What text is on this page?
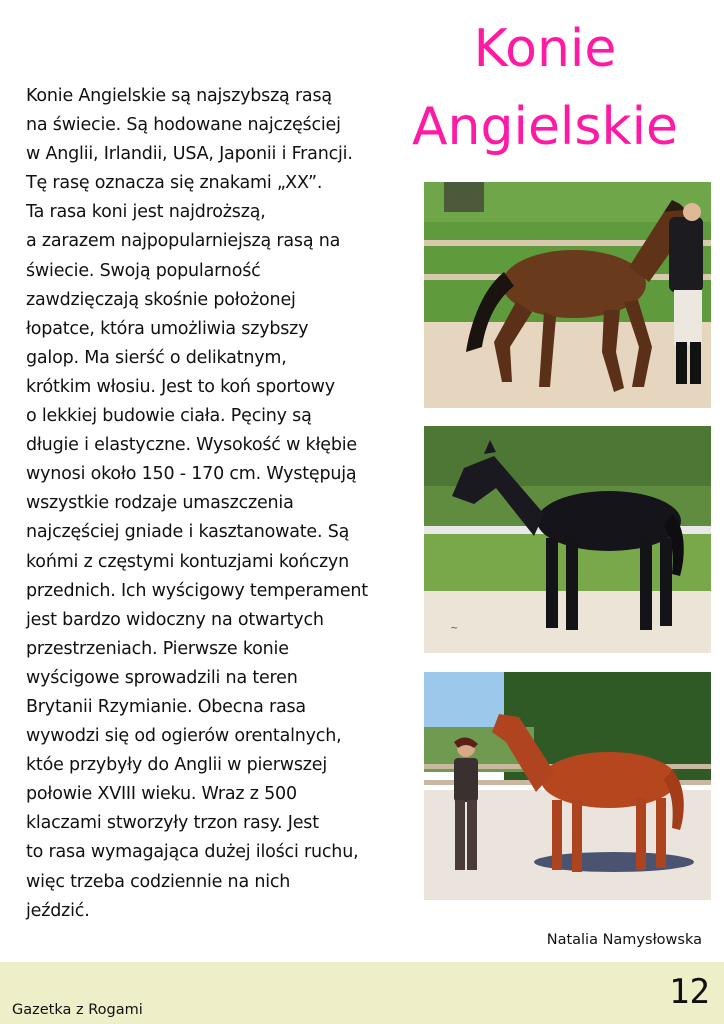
Konie
Angielskie
Konie Angielskie są najszybszą rasą
na świecie. Są hodowane najczęściej
w Anglii, Irlandii, USA, Japonii i Francji.
Tę rasę oznacza się znakami „XX”.
Ta rasa koni jest najdroższą,
a zarazem najpopularniejszą rasą na
świecie. Swoją popularność
zawdzięczają skośnie położonej
łopatce, która umożliwia szybszy
galop. Ma sierść o delikatnym,
krótkim włosiu. Jest to koń sportowy
o lekkiej budowie ciała. Pęciny są
długie i elastyczne. Wysokość w kłębie
wynosi około 150 - 170 cm. Występują
wszystkie rodzaje umaszczenia
najczęściej gniade i kasztanowate. Są
końmi z częstymi kontuzjami kończyn
przednich. Ich wyścigowy temperament
jest bardzo widoczny na otwartych
przestrzeniach. Pierwsze konie
wyścigowe sprowadzili na teren
Brytanii Rzymianie. Obecna rasa
wywodzi się od ogierów orentalnych,
któe przybyły do Anglii w pierwszej
połowie XVIII wieku. Wraz z 500
klaczami stworzyły trzon rasy. Jest
to rasa wymagająca dużej ilości ruchu,
więc trzeba codziennie na nich
jeździć.
~
Natalia Namysłowska
Gazetka z Rogami	12
